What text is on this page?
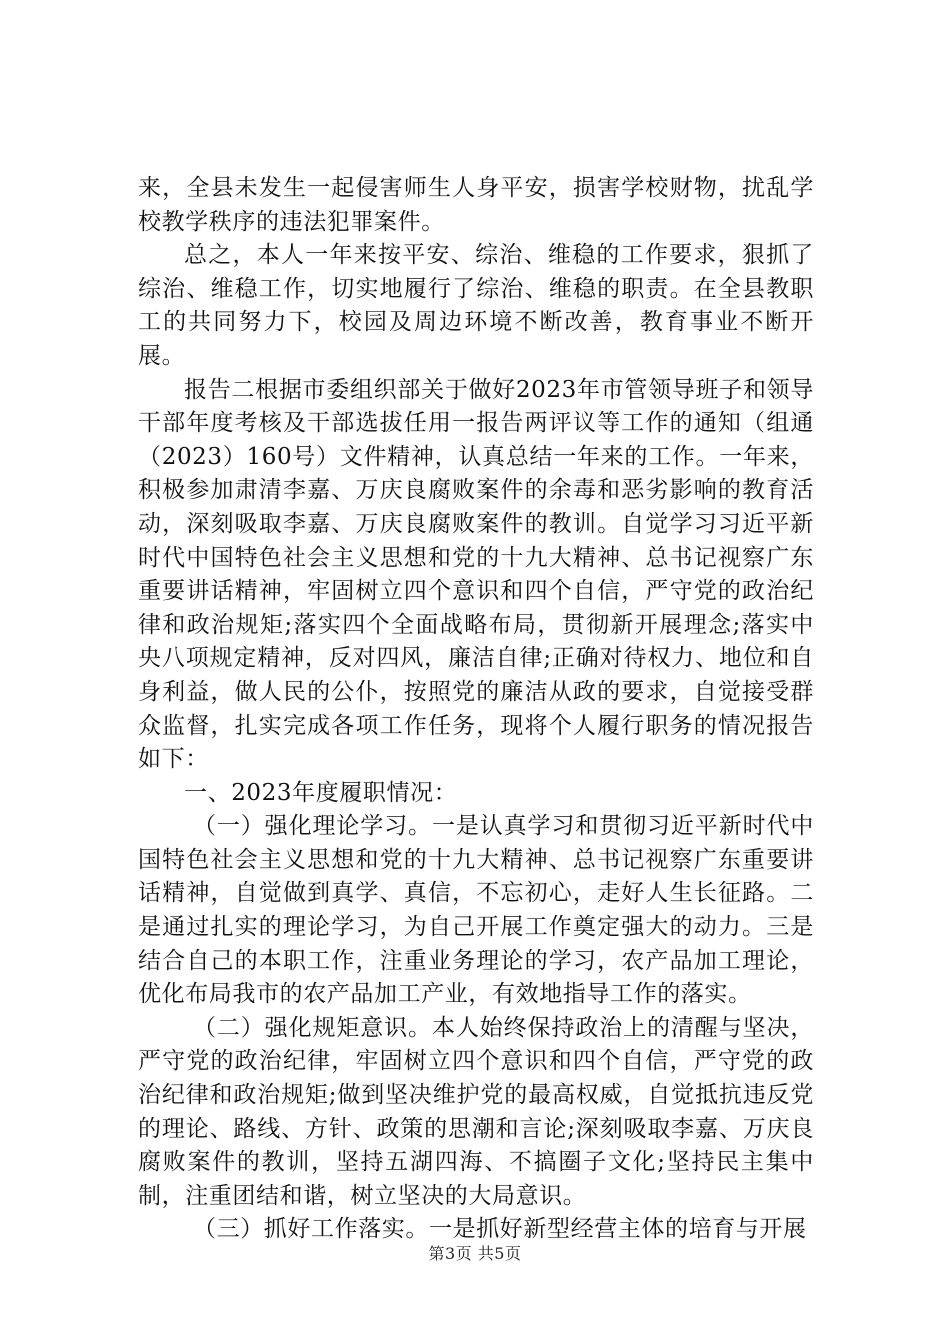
来，全县未发生一起侵害师生人身平安，损害学校财物，扰乱学校教学秩序的违法犯罪案件。

总之，本人一年来按平安、综治、维稳的工作要求，狠抓了综治、维稳工作，切实地履行了综治、维稳的职责。在全县教职工的共同努力下，校园及周边环境不断改善，教育事业不断开展。

报告二根据市委组织部关于做好2023年市管领导班子和领导干部年度考核及干部选拔任用一报告两评议等工作的通知（组通（2023）160号）文件精神，认真总结一年来的工作。一年来，积极参加肃清李嘉、万庆良腐败案件的余毒和恶劣影响的教育活动，深刻吸取李嘉、万庆良腐败案件的教训。自觉学习习近平新时代中国特色社会主义思想和党的十九大精神、总书记视察广东重要讲话精神，牢固树立四个意识和四个自信，严守党的政治纪律和政治规矩;落实四个全面战略布局，贯彻新开展理念;落实中央八项规定精神，反对四风，廉洁自律;正确对待权力、地位和自身利益，做人民的公仆，按照党的廉洁从政的要求，自觉接受群众监督，扎实完成各项工作任务，现将个人履行职务的情况报告如下：

一、2023年度履职情况：

（一）强化理论学习。一是认真学习和贯彻习近平新时代中国特色社会主义思想和党的十九大精神、总书记视察广东重要讲话精神，自觉做到真学、真信，不忘初心，走好人生长征路。二是通过扎实的理论学习，为自己开展工作奠定强大的动力。三是结合自己的本职工作，注重业务理论的学习，农产品加工理论，优化布局我市的农产品加工产业，有效地指导工作的落实。

（二）强化规矩意识。本人始终保持政治上的清醒与坚决，严守党的政治纪律，牢固树立四个意识和四个自信，严守党的政治纪律和政治规矩;做到坚决维护党的最高权威，自觉抵抗违反党的理论、路线、方针、政策的思潮和言论;深刻吸取李嘉、万庆良腐败案件的教训，坚持五湖四海、不搞圈子文化;坚持民主集中制，注重团结和谐，树立坚决的大局意识。

（三）抓好工作落实。一是抓好新型经营主体的培育与开展

第3页 共5页
